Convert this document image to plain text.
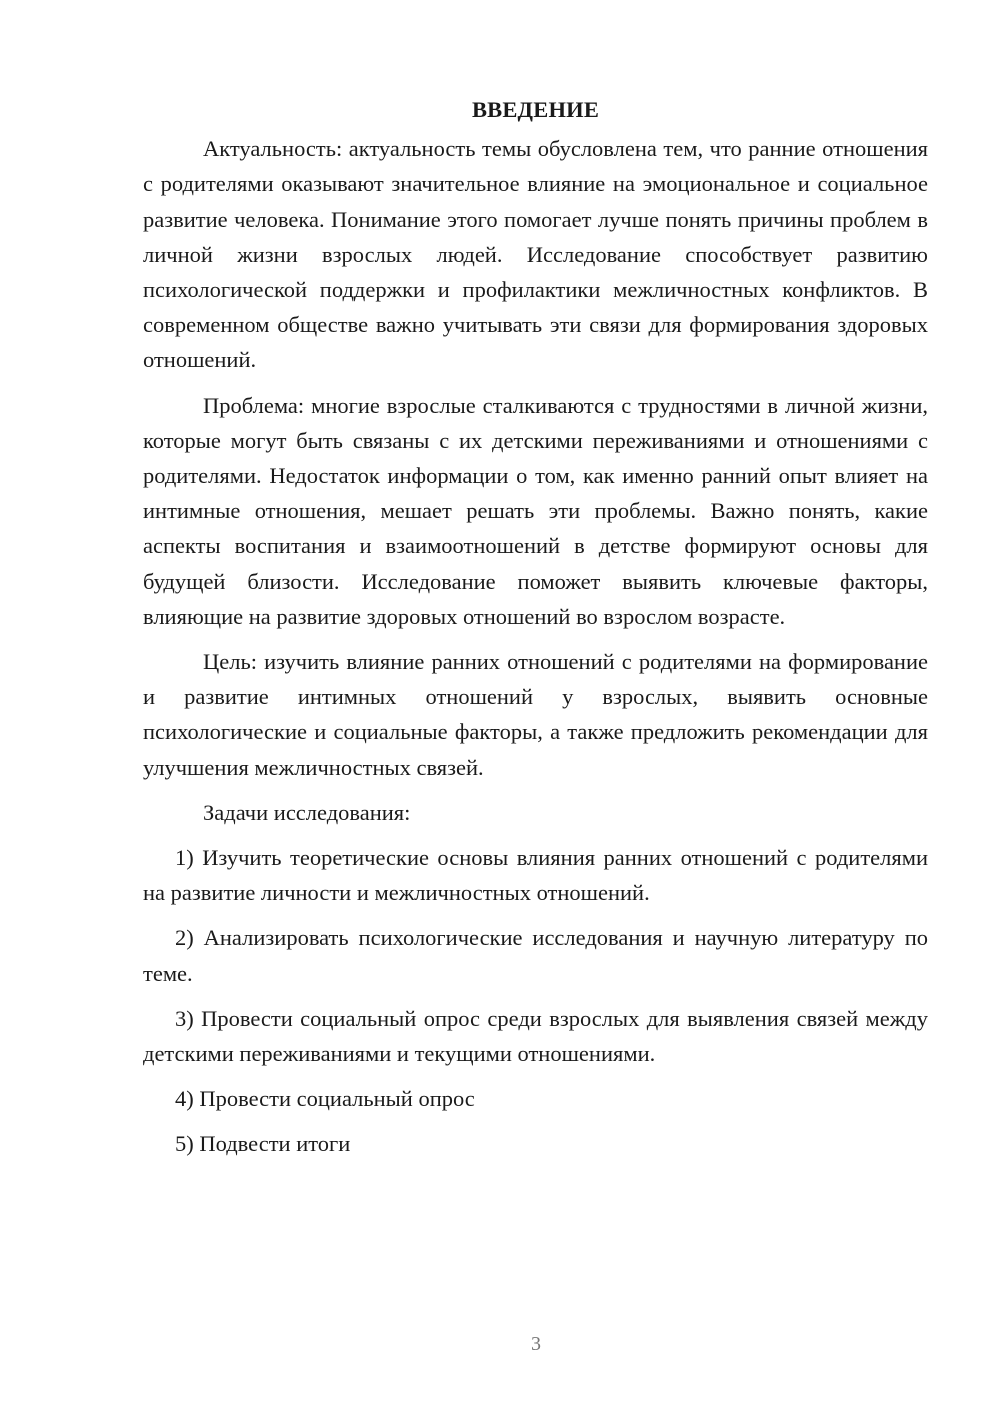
ВВЕДЕНИЕ

Актуальность: актуальность темы обусловлена тем, что ранние отношения с родителями оказывают значительное влияние на эмоциональное и социальное развитие человека. Понимание этого помогает лучше понять причины проблем в личной жизни взрослых людей. Исследование способствует развитию психологической поддержки и профилактики межличностных конфликтов. В современном обществе важно учитывать эти связи для формирования здоровых отношений.

Проблема: многие взрослые сталкиваются с трудностями в личной жизни, которые могут быть связаны с их детскими переживаниями и отношениями с родителями. Недостаток информации о том, как именно ранний опыт влияет на интимные отношения, мешает решать эти проблемы. Важно понять, какие аспекты воспитания и взаимоотношений в детстве формируют основы для будущей близости. Исследование поможет выявить ключевые факторы, влияющие на развитие здоровых отношений во взрослом возрасте.

Цель: изучить влияние ранних отношений с родителями на формирование и развитие интимных отношений у взрослых, выявить основные психологические и социальные факторы, а также предложить рекомендации для улучшения межличностных связей.

Задачи исследования:

1) Изучить теоретические основы влияния ранних отношений с родителями на развитие личности и межличностных отношений.

2) Анализировать психологические исследования и научную литературу по теме.

3) Провести социальный опрос среди взрослых для выявления связей между детскими переживаниями и текущими отношениями.

4) Провести социальный опрос

5) Подвести итоги

3
